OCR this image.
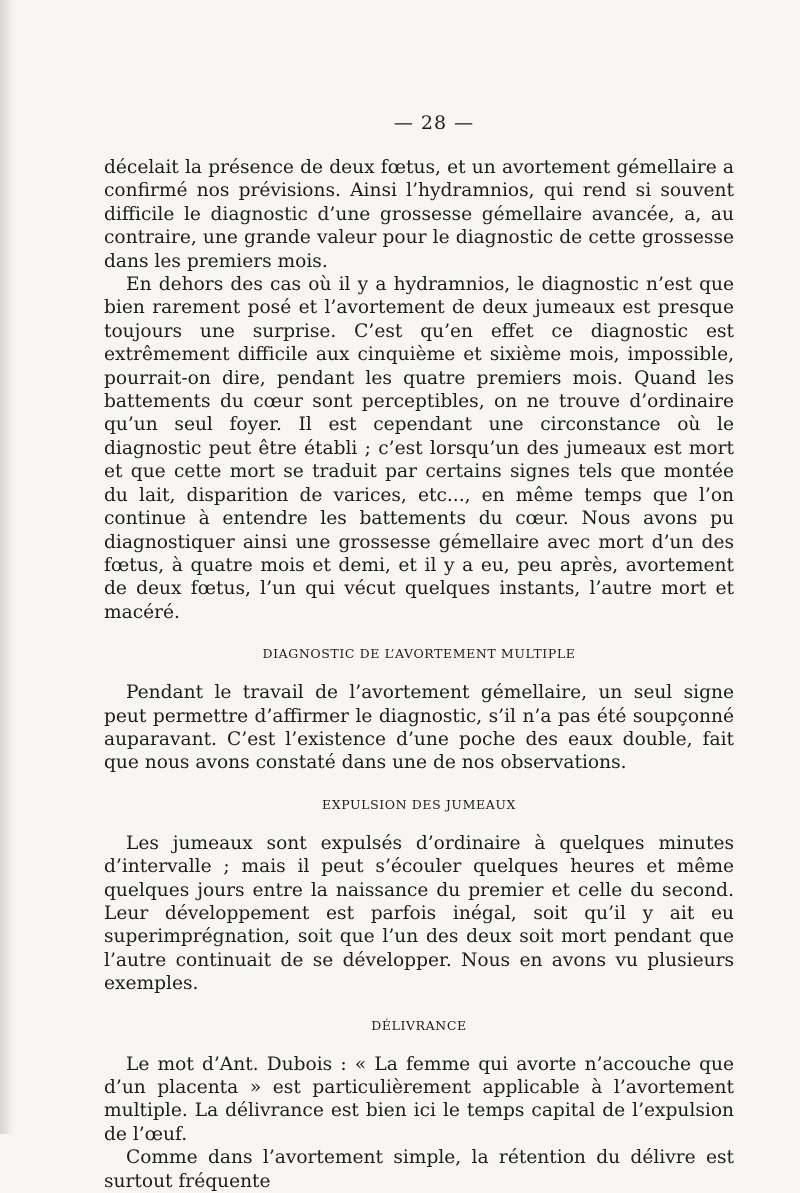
— 28 —

décelait la présence de deux fœtus, et un avortement gémellaire a confirmé nos prévisions. Ainsi l’hydramnios, qui rend si souvent difficile le diagnostic d’une grossesse gémellaire avancée, a, au contraire, une grande valeur pour le diagnostic de cette grossesse dans les premiers mois.

En dehors des cas où il y a hydramnios, le diagnostic n’est que bien rarement posé et l’avortement de deux jumeaux est presque toujours une surprise. C’est qu’en effet ce diagnostic est extrêmement difficile aux cinquième et sixième mois, impossible, pourrait-on dire, pendant les quatre premiers mois. Quand les battements du cœur sont perceptibles, on ne trouve d’ordinaire qu’un seul foyer. Il est cependant une circonstance où le diagnostic peut être établi ; c’est lorsqu’un des jumeaux est mort et que cette mort se traduit par certains signes tels que montée du lait, disparition de varices, etc..., en même temps que l’on continue à entendre les battements du cœur. Nous avons pu diagnostiquer ainsi une grossesse gémellaire avec mort d’un des fœtus, à quatre mois et demi, et il y a eu, peu après, avortement de deux fœtus, l’un qui vécut quelques instants, l’autre mort et macéré.

DIAGNOSTIC DE L’AVORTEMENT MULTIPLE

Pendant le travail de l’avortement gémellaire, un seul signe peut permettre d’affirmer le diagnostic, s’il n’a pas été soupçonné auparavant. C’est l’existence d’une poche des eaux double, fait que nous avons constaté dans une de nos observations.

EXPULSION DES JUMEAUX

Les jumeaux sont expulsés d’ordinaire à quelques minutes d’intervalle ; mais il peut s’écouler quelques heures et même quelques jours entre la naissance du premier et celle du second. Leur développement est parfois inégal, soit qu’il y ait eu superimprégnation, soit que l’un des deux soit mort pendant que l’autre continuait de se développer. Nous en avons vu plusieurs exemples.

DÉLIVRANCE

Le mot d’Ant. Dubois : « La femme qui avorte n’accouche que d’un placenta » est particulièrement applicable à l’avortement multiple. La délivrance est bien ici le temps capital de l’expulsion de l’œuf.

Comme dans l’avortement simple, la rétention du délivre est surtout fréquente
